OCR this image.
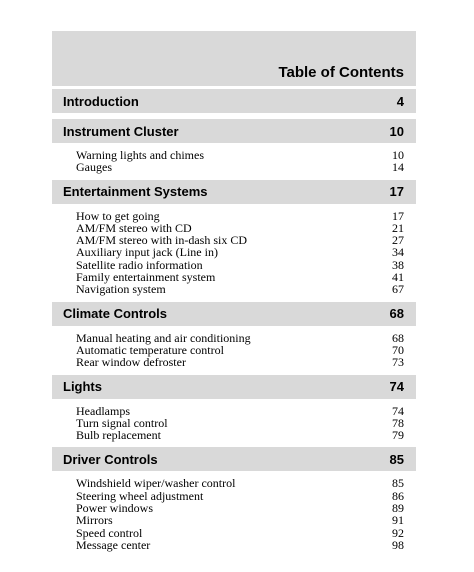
Table of Contents
Introduction	4
Instrument Cluster	10
Warning lights and chimes	10
Gauges	14
Entertainment Systems	17
How to get going	17
AM/FM stereo with CD	21
AM/FM stereo with in-dash six CD	27
Auxiliary input jack (Line in)	34
Satellite radio information	38
Family entertainment system	41
Navigation system	67
Climate Controls	68
Manual heating and air conditioning	68
Automatic temperature control	70
Rear window defroster	73
Lights	74
Headlamps	74
Turn signal control	78
Bulb replacement	79
Driver Controls	85
Windshield wiper/washer control	85
Steering wheel adjustment	86
Power windows	89
Mirrors	91
Speed control	92
Message center	98
